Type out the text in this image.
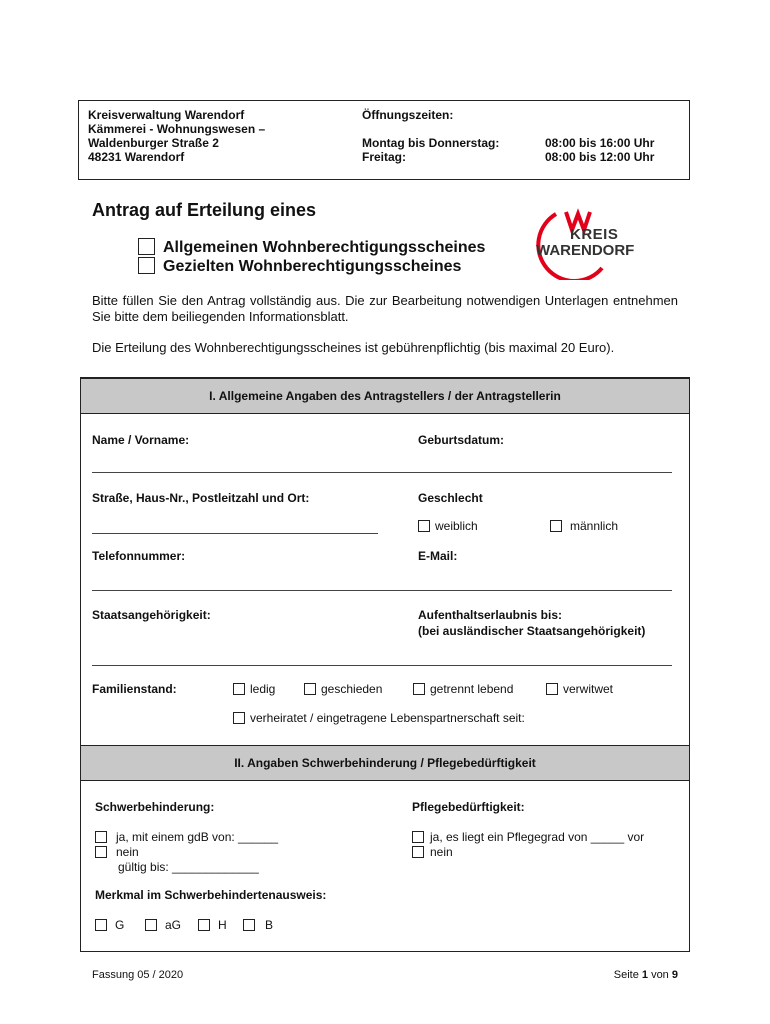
Kreisverwaltung Warendorf
Kämmerei - Wohnungswesen –
Waldenburger Straße 2
48231 Warendorf
Öffnungszeiten:
Montag bis Donnerstag:	08:00 bis 16:00 Uhr
Freitag:	08:00 bis 12:00 Uhr
Antrag auf Erteilung eines
Allgemeinen Wohnberechtigungsscheines
Gezielten Wohnberechtigungsscheines
KREIS
WARENDORF
Bitte füllen Sie den Antrag vollständig aus. Die zur Bearbeitung notwendigen Unterlagen entnehmen Sie bitte dem beiliegenden Informationsblatt.
Die Erteilung des Wohnberechtigungsscheines ist gebührenpflichtig (bis maximal 20 Euro).
I. Allgemeine Angaben des Antragstellers / der Antragstellerin
Name / Vorname:	Geburtsdatum:
Straße, Haus-Nr., Postleitzahl und Ort:	Geschlecht
weiblich	männlich
Telefonnummer:	E-Mail:
Staatsangehörigkeit:	Aufenthaltserlaubnis bis:
(bei ausländischer Staatsangehörigkeit)
Familienstand:	ledig	geschieden	getrennt lebend	verwitwet
verheiratet / eingetragene Lebenspartnerschaft seit:
II. Angaben Schwerbehinderung / Pflegebedürftigkeit
Schwerbehinderung:	Pflegebedürftigkeit:
ja, mit einem gdB von: ______
nein
gültig bis: _____________
ja, es liegt ein Pflegegrad von _____ vor
nein
Merkmal im Schwerbehindertenausweis:
G	aG	H	B
Fassung 05 / 2020	Seite 1 von 9
